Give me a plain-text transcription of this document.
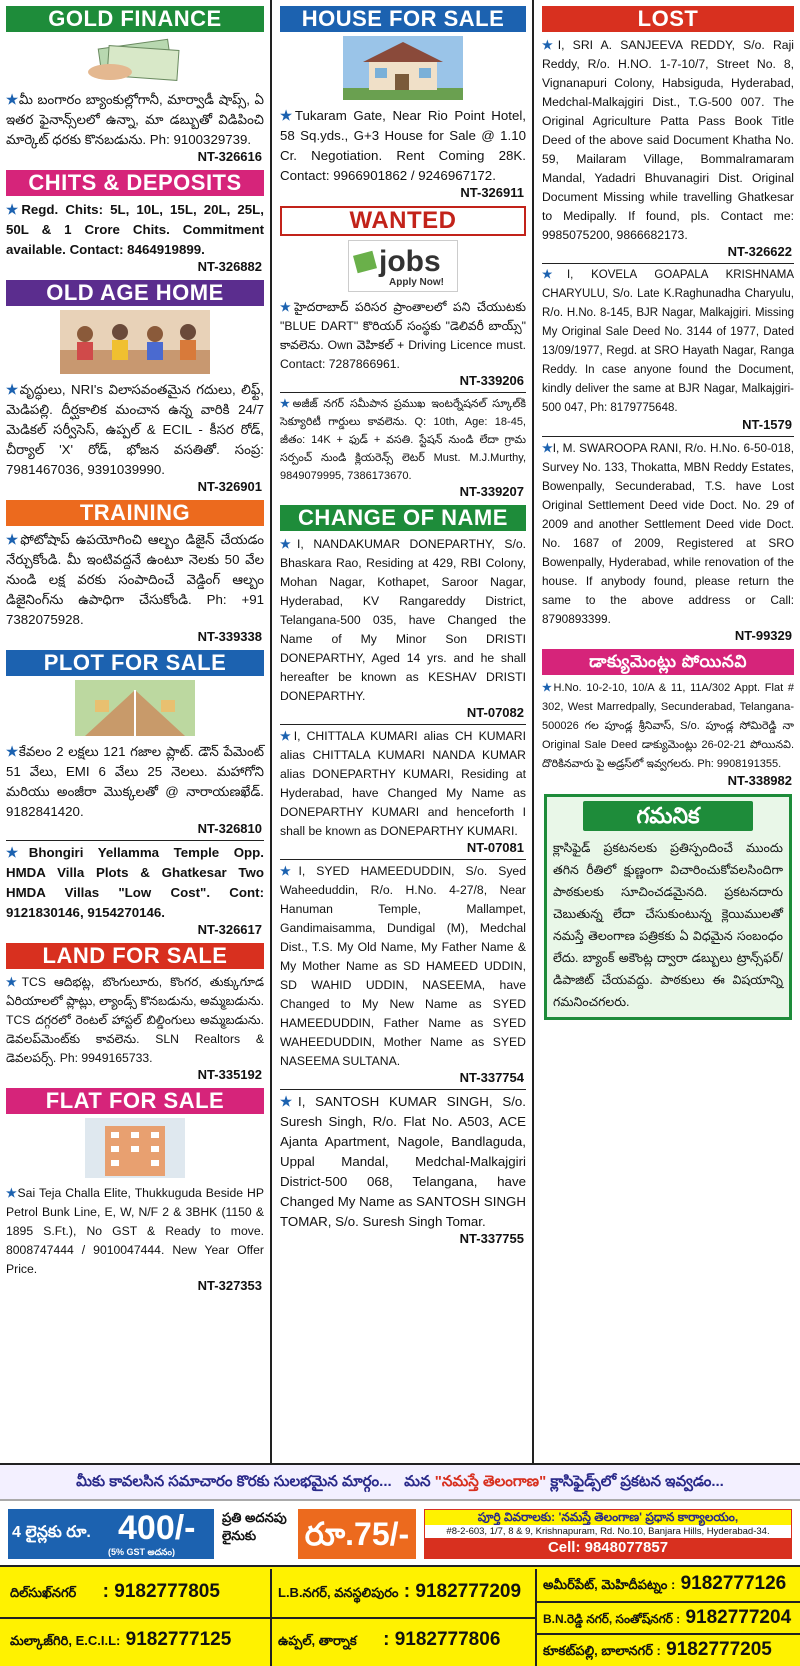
GOLD FINANCE
★మీ బంగారం బ్యాంకుల్లోగానీ, మార్వాడీ షాప్స్, ఏ ఇతర ఫైనాన్స్‌లలో ఉన్నా, మా డబ్బుతో విడిపించి మార్కెట్ ధరకు కొనబడును. Ph: 9100329739.
NT-326616
CHITS & DEPOSITS
★Regd. Chits: 5L, 10L, 15L, 20L, 25L, 50L & 1 Crore Chits. Commitment available. Contact: 8464919899.
NT-326882
OLD AGE HOME
★వృద్ధులు, NRI's విలాసవంతమైన గదులు, లిఫ్ట్, మెడిపల్లి. దీర్ఘకాలిక మంచాన ఉన్న వారికి 24/7 మెడికల్ సర్వీసెస్, ఉప్పల్ & ECIL - కీసర రోడ్, చీర్యాల్ 'X' రోడ్, భోజన వసతితో. సంప్ర: 7981467036, 9391039990.
NT-326901
TRAINING
★ఫోటోషాప్ ఉపయోగించి ఆల్బం డిజైన్ చేయడం నేర్చుకోండి. మీ ఇంటివద్దనే ఉంటూ నెలకు 50 వేల నుండి లక్ష వరకు సంపాదించే వెడ్డింగ్ ఆల్బం డిజైనింగ్‌ను ఉపాధిగా చేసుకోండి. Ph: +91 7382075928.
NT-339338
PLOT FOR SALE
★కేవలం 2 లక్షలు 121 గజాల ప్లాట్. డౌన్ పేమెంట్ 51 వేలు, EMI 6 వేలు 25 నెలలు. మహాగోని మరియు అంజీరా మొక్కలతో @ నారాయణఖేడ్. 9182841420.
NT-326810
★Bhongiri Yellamma Temple Opp. HMDA Villa Plots & Ghatkesar Two HMDA Villas "Low Cost". Cont: 9121830146, 9154270146.
NT-326617
LAND FOR SALE
★TCS ఆదిభట్ల, బొంగులూరు, కొంగర, తుక్కుగూడ ఏరియాలలో ప్లాట్లు, ల్యాండ్స్ కొనబడును, అమ్మబడును. TCS దగ్గరలో రెంటల్ హాస్టల్ బిల్డింగులు అమ్మబడును. డెవలప్‌మెంట్‌కు కావలెను. SLN Realtors & డెవలపర్స్. Ph: 9949165733.
NT-335192
FLAT FOR SALE
★Sai Teja Challa Elite, Thukkuguda Beside HP Petrol Bunk Line, E, W, N/F 2 & 3BHK (1150 & 1895 S.Ft.), No GST & Ready to move. 8008747444 / 9010047444. New Year Offer Price.
NT-327353
HOUSE FOR SALE
★Tukaram Gate, Near Rio Point Hotel, 58 Sq.yds., G+3 House for Sale @ 1.10 Cr. Negotiation. Rent Coming 28K. Contact: 9966901862 / 9246967172.
NT-326911
WANTED
jobs
Apply Now!
★హైదరాబాద్ పరిసర ప్రాంతాలలో పని చేయుటకు "BLUE DART" కొరియర్ సంస్థకు "డెలివరీ బాయ్స్" కావలెను. Own వెహికల్ + Driving Licence must. Contact: 7287866961.
NT-339206
★అజీజ్ నగర్ సమీపాన ప్రముఖ ఇంటర్నేషనల్ స్కూల్‌కి సెక్యూరిటీ గార్డులు కావలెను. Q: 10th, Age: 18-45, జీతం: 14K + ఫుడ్ + వసతి. స్టేషన్ నుండి లేదా గ్రామ సర్పంచ్ నుండి క్లియరెన్స్ లెటర్ Must. M.J.Murthy, 9849079995, 7386173670.
NT-339207
CHANGE OF NAME
★I, NANDAKUMAR DONEPARTHY, S/o. Bhaskara Rao, Residing at 429, RBI Colony, Mohan Nagar, Kothapet, Saroor Nagar, Hyderabad, KV Rangareddy District, Telangana-500 035, have Changed the Name of My Minor Son DRISTI DONEPARTHY, Aged 14 yrs. and he shall hereafter be known as KESHAV DRISTI DONEPARTHY.
NT-07082
★I, CHITTALA KUMARI alias CH KUMARI alias CHITTALA KUMARI NANDA KUMAR alias DONEPARTHY KUMARI, Residing at Hyderabad, have Changed My Name as DONEPARTHY KUMARI and henceforth I shall be known as DONEPARTHY KUMARI.
NT-07081
★I, SYED HAMEEDUDDIN, S/o. Syed Waheeduddin, R/o. H.No. 4-27/8, Near Hanuman Temple, Mallampet, Gandimaisamma, Dundigal (M), Medchal Dist., T.S. My Old Name, My Father Name & My Mother Name as SD HAMEED UDDIN, SD WAHID UDDIN, NASEEMA, have Changed to My New Name as SYED HAMEEDUDDIN, Father Name as SYED WAHEEDUDDIN, Mother Name as SYED NASEEMA SULTANA.
NT-337754
★I, SANTOSH KUMAR SINGH, S/o. Suresh Singh, R/o. Flat No. A503, ACE Ajanta Apartment, Nagole, Bandlaguda, Uppal Mandal, Medchal-Malkajgiri District-500 068, Telangana, have Changed My Name as SANTOSH SINGH TOMAR, S/o. Suresh Singh Tomar.
NT-337755
LOST
★I, SRI A. SANJEEVA REDDY, S/o. Raji Reddy, R/o. H.NO. 1-7-10/7, Street No. 8, Vignanapuri Colony, Habsiguda, Hyderabad, Medchal-Malkajgiri Dist., T.G-500 007. The Original Agriculture Patta Pass Book Title Deed of the above said Document Khatha No. 59, Mailaram Village, Bommalramaram Mandal, Yadadri Bhuvanagiri Dist. Original Document Missing while travelling Ghatkesar to Medipally. If found, pls. Contact me: 9985075200, 9866682173.
NT-326622
★I, KOVELA GOAPALA KRISHNAMA CHARYULU, S/o. Late K.Raghunadha Charyulu, R/o. H.No. 8-145, BJR Nagar, Malkajgiri. Missing My Original Sale Deed No. 3144 of 1977, Dated 13/09/1977, Regd. at SRO Hayath Nagar, Ranga Reddy. In case anyone found the Document, kindly deliver the same at BJR Nagar, Malkajgiri-500 047, Ph: 8179775648.
NT-1579
★I, M. SWAROOPA RANI, R/o. H.No. 6-50-018, Survey No. 133, Thokatta, MBN Reddy Estates, Bowenpally, Secunderabad, T.S. have Lost Original Settlement Deed vide Doct. No. 29 of 2009 and another Settlement Deed vide Doct. No. 1687 of 2009, Registered at SRO Bowenpally, Hyderabad, while renovation of the house. If anybody found, please return the same to the above address or Call: 8790893399.
NT-99329
డాక్యుమెంట్లు పోయినవి
★H.No. 10-2-10, 10/A & 11, 11A/302 Appt. Flat # 302, West Marredpally, Secunderabad, Telangana-500026 గల పూండ్ల శ్రీనివాస్, S/o. పూండ్ల సోమిరెడ్డి నా Original Sale Deed డాక్యుమెంట్లు 26-02-21 పోయినవి. దొరికినవారు పై అడ్రస్‌లో ఇవ్వగలరు. Ph: 9908191355.
NT-338982
గమనిక
క్లాసిఫైడ్ ప్రకటనలకు ప్రతిస్పందించే ముందు తగిన రీతిలో క్షుణ్ణంగా విచారించుకోవలసిందిగా పాఠకులకు సూచించడమైనది. ప్రకటనదారు చెబుతున్న లేదా చేసుకుంటున్న క్లెయిములతో నమస్తే తెలంగాణ పత్రికకు ఏ విధమైన సంబంధం లేదు. బ్యాంక్ అకౌంట్ల ద్వారా డబ్బులు ట్రాన్స్‌ఫర్/డిపాజిట్ చేయవద్దు. పాఠకులు ఈ విషయాన్ని గమనించగలరు.
మీకు కావలసిన సమాచారం కొరకు సులభమైన మార్గం... మన "నమస్తే తెలంగాణ" క్లాసిఫైడ్స్‌లో ప్రకటన ఇవ్వడం...
4 లైన్లకు రూ. 400/-
(5% GST అదనం)
ప్రతి అదనపు లైనుకు	రూ.75/-	పూర్తి వివరాలకు: 'నమస్తే తెలంగాణ' ప్రధాన కార్యాలయం,
#8-2-603, 1/7, 8 & 9, Krishnapuram, Rd. No.10, Banjara Hills, Hyderabad-34.
Cell: 9848077857
దిల్‌సుఖ్‌నగర్ : 9182777805
మల్కాజ్‌గిరి, E.C.I.L: 9182777125
L.B.నగర్, వనస్థలిపురం : 9182777209
ఉప్పల్, తార్నాక : 9182777806
అమీర్‌పేట్, మెహిదీపట్నం : 9182777126
B.N.రెడ్డి నగర్, సంతోష్‌నగర్ : 9182777204
కూకట్‌పల్లి, బాలానగర్ : 9182777205
